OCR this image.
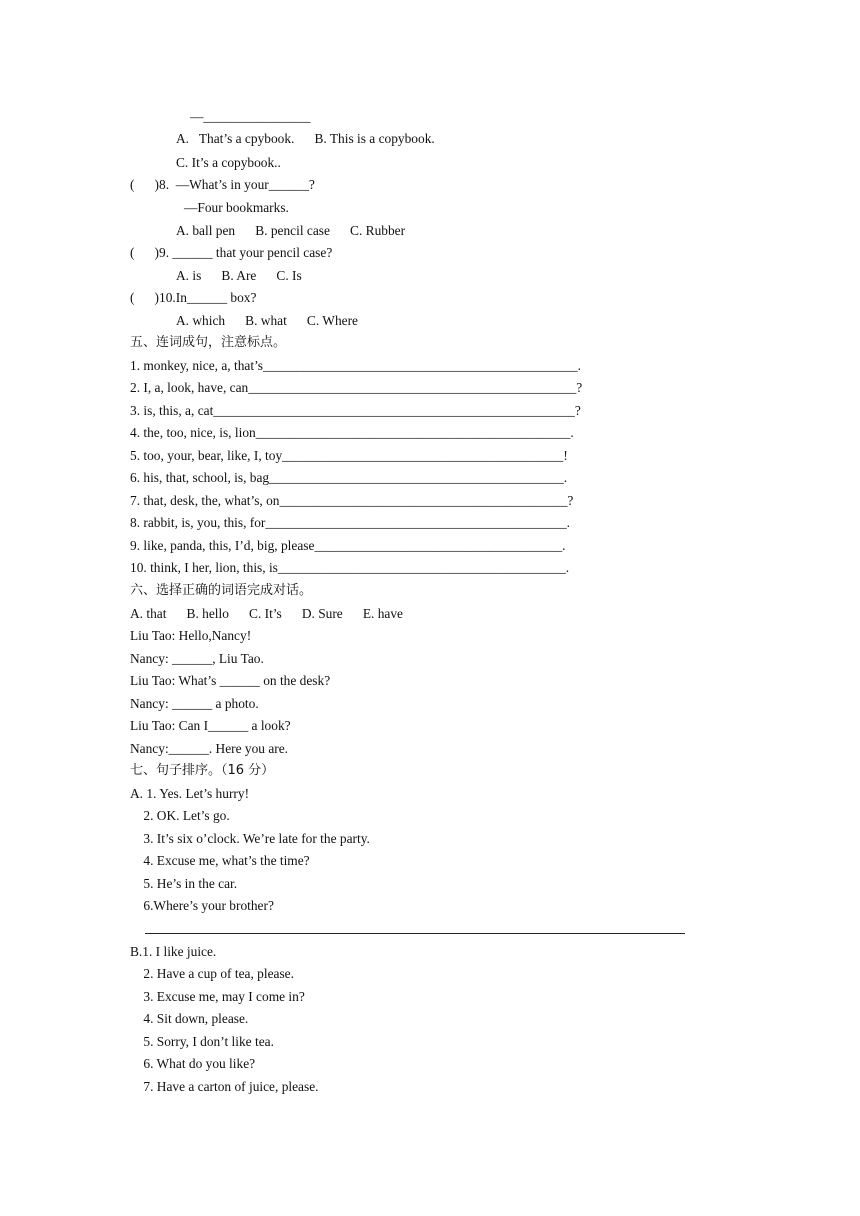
—________________
A.   That’s a cpybook.      B. This is a copybook.
C. It’s a copybook..
(      )8.  —What’s in your______?
—Four bookmarks.
A. ball pen      B. pencil case      C. Rubber
(      )9. ______ that your pencil case?
A. is      B. Are      C. Is
(      )10.In______ box?
A. which      B. what      C. Where
五、连词成句，注意标点。
1. monkey, nice, a, that’s_______________________________________________.
2. I, a, look, have, can_________________________________________________?
3. is, this, a, cat______________________________________________________?
4. the, too, nice, is, lion_______________________________________________.
5. too, your, bear, like, I, toy__________________________________________!
6. his, that, school, is, bag____________________________________________.
7. that, desk, the, what’s, on___________________________________________?
8. rabbit, is, you, this, for_____________________________________________.
9. like, panda, this, I’d, big, please_____________________________________.
10. think, I her, lion, this, is___________________________________________.
六、选择正确的词语完成对话。
A. that      B. hello      C. It’s      D. Sure      E. have
Liu Tao: Hello,Nancy!
Nancy: ______, Liu Tao.
Liu Tao: What’s ______ on the desk?
Nancy: ______ a photo.
Liu Tao: Can I______ a look?
Nancy:______. Here you are.
七、句子排序。（16 分）
A. 1. Yes. Let’s hurry!
2. OK. Let’s go.
3. It’s six o’clock. We’re late for the party.
4. Excuse me, what’s the time?
5. He’s in the car.
6.Where’s your brother?
B.1. I like juice.
2. Have a cup of tea, please.
3. Excuse me, may I come in?
4. Sit down, please.
5. Sorry, I don’t like tea.
6. What do you like?
7. Have a carton of juice, please.
